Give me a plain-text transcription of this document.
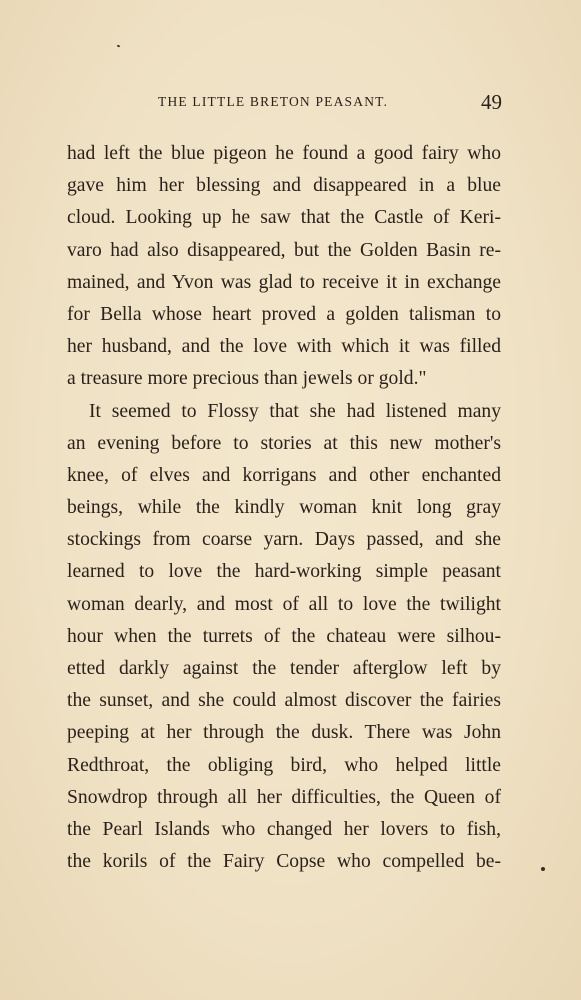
THE LITTLE BRETON PEASANT.	49
had left the blue pigeon he found a good fairy who
gave him her blessing and disappeared in a blue
cloud. Looking up he saw that the Castle of Keri-
varo had also disappeared, but the Golden Basin re-
mained, and Yvon was glad to receive it in exchange
for Bella whose heart proved a golden talisman to
her husband, and the love with which it was filled
a treasure more precious than jewels or gold."
It seemed to Flossy that she had listened many
an evening before to stories at this new mother's
knee, of elves and korrigans and other enchanted
beings, while the kindly woman knit long gray
stockings from coarse yarn. Days passed, and she
learned to love the hard-working simple peasant
woman dearly, and most of all to love the twilight
hour when the turrets of the chateau were silhou-
etted darkly against the tender afterglow left by
the sunset, and she could almost discover the fairies
peeping at her through the dusk. There was John
Redthroat, the obliging bird, who helped little
Snowdrop through all her difficulties, the Queen of
the Pearl Islands who changed her lovers to fish,
the korils of the Fairy Copse who compelled be-
